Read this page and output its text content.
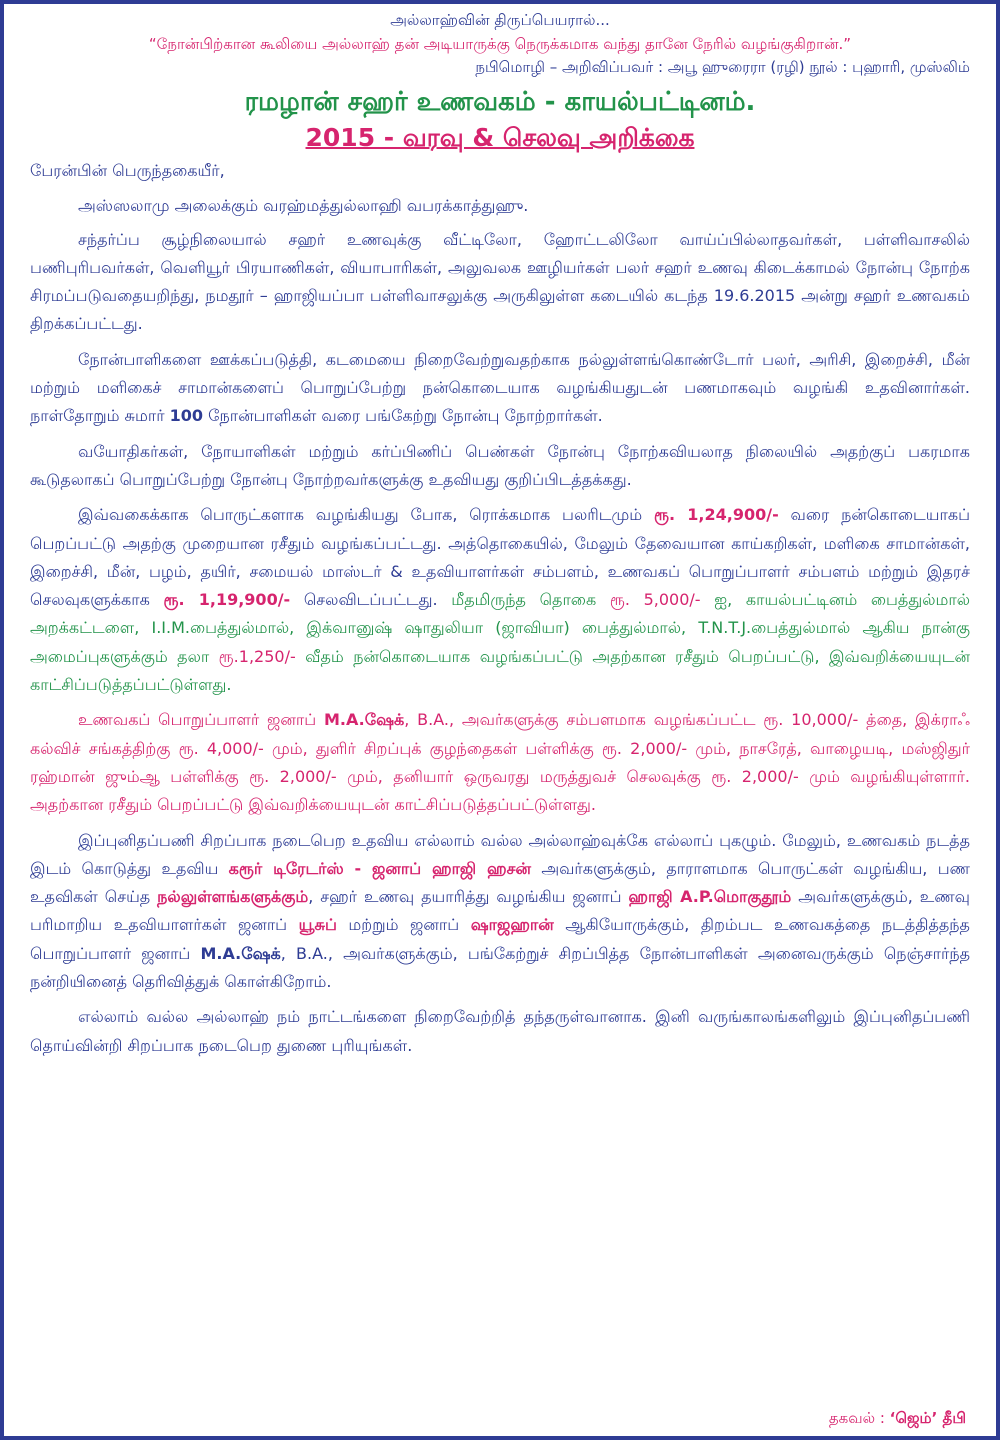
அல்லாஹ்வின் திருப்பெயரால்...

“நோன்பிற்கான கூலியை அல்லாஹ் தன் அடியாருக்கு நெருக்கமாக வந்து தானே நேரில் வழங்குகிறான்.”

நபிமொழி – அறிவிப்பவர் : அபூ ஹுரைரா (ரழி) நூல் : புஹாரி, முஸ்லிம்

ரமழான் சஹர் உணவகம் - காயல்பட்டினம்.

2015 - வரவு & செலவு அறிக்கை

பேரன்பின் பெருந்தகையீர்,

அஸ்ஸலாமு அலைக்கும் வரஹ்மத்துல்லாஹி வபரக்காத்துஹு.

சந்தர்ப்ப சூழ்நிலையால் சஹர் உணவுக்கு வீட்டிலோ, ஹோட்டலிலோ வாய்ப்பில்லாதவர்கள், பள்ளிவாசலில் பணிபுரிபவர்கள், வெளியூர் பிரயாணிகள், வியாபாரிகள், அலுவலக ஊழியர்கள் பலர் சஹர் உணவு கிடைக்காமல் நோன்பு நோற்க சிரமப்படுவதையறிந்து, நமதூர் – ஹாஜியப்பா பள்ளிவாசலுக்கு அருகிலுள்ள கடையில் கடந்த 19.6.2015 அன்று சஹர் உணவகம் திறக்கப்பட்டது.

நோன்பாளிகளை ஊக்கப்படுத்தி, கடமையை நிறைவேற்றுவதற்காக நல்லுள்ளங்கொண்டோர் பலர், அரிசி, இறைச்சி, மீன் மற்றும் மளிகைச் சாமான்களைப் பொறுப்பேற்று நன்கொடையாக வழங்கியதுடன் பணமாகவும் வழங்கி உதவினார்கள். நாள்தோறும் சுமார் 100 நோன்பாளிகள் வரை பங்கேற்று நோன்பு நோற்றார்கள்.

வயோதிகர்கள், நோயாளிகள் மற்றும் கர்ப்பிணிப் பெண்கள் நோன்பு நோற்கவியலாத நிலையில் அதற்குப் பகரமாக கூடுதலாகப் பொறுப்பேற்று நோன்பு நோற்றவர்களுக்கு உதவியது குறிப்பிடத்தக்கது.

இவ்வகைக்காக பொருட்களாக வழங்கியது போக, ரொக்கமாக பலரிடமும் ரூ. 1,24,900/- வரை நன்கொடையாகப் பெறப்பட்டு அதற்கு முறையான ரசீதும் வழங்கப்பட்டது. அத்தொகையில், மேலும் தேவையான காய்கறிகள், மளிகை சாமான்கள், இறைச்சி, மீன், பழம், தயிர், சமையல் மாஸ்டர் & உதவியாளர்கள் சம்பளம், உணவகப் பொறுப்பாளர் சம்பளம் மற்றும் இதரச் செலவுகளுக்காக ரூ. 1,19,900/- செலவிடப்பட்டது. மீதமிருந்த தொகை ரூ. 5,000/- ஐ, காயல்பட்டினம் பைத்துல்மால் அறக்கட்டளை, I.I.M.பைத்துல்மால், இக்வானுஷ் ஷாதுலியா (ஜாவியா) பைத்துல்மால், T.N.T.J.பைத்துல்மால் ஆகிய நான்கு அமைப்புகளுக்கும் தலா ரூ.1,250/- வீதம் நன்கொடையாக வழங்கப்பட்டு அதற்கான ரசீதும் பெறப்பட்டு, இவ்வறிக்யையுடன் காட்சிப்படுத்தப்பட்டுள்ளது.

உணவகப் பொறுப்பாளர் ஜனாப் M.A.ஷேக், B.A., அவர்களுக்கு சம்பளமாக வழங்கப்பட்ட ரூ. 10,000/- த்தை, இக்ராஃ கல்விச் சங்கத்திற்கு ரூ. 4,000/- மும், துளிர் சிறப்புக் குழந்தைகள் பள்ளிக்கு ரூ. 2,000/- மும், நாசரேத், வாழையடி, மஸ்ஜிதுர் ரஹ்மான் ஜும்ஆ பள்ளிக்கு ரூ. 2,000/- மும், தனியார் ஒருவரது மருத்துவச் செலவுக்கு ரூ. 2,000/- மும் வழங்கியுள்ளார். அதற்கான ரசீதும் பெறப்பட்டு இவ்வறிக்யையுடன் காட்சிப்படுத்தப்பட்டுள்ளது.

இப்புனிதப்பணி சிறப்பாக நடைபெற உதவிய எல்லாம் வல்ல அல்லாஹ்வுக்கே எல்லாப் புகழும். மேலும், உணவகம் நடத்த இடம் கொடுத்து உதவிய கரூர் டிரேடர்ஸ் - ஜனாப் ஹாஜி ஹசன் அவர்களுக்கும், தாராளமாக பொருட்கள் வழங்கிய, பண உதவிகள் செய்த நல்லுள்ளங்களுக்கும், சஹர் உணவு தயாரித்து வழங்கிய ஜனாப் ஹாஜி A.P.மொகுதூம் அவர்களுக்கும், உணவு பரிமாறிய உதவியாளர்கள் ஜனாப் யூசுப் மற்றும் ஜனாப் ஷாஜஹான் ஆகியோருக்கும், திறம்பட உணவகத்தை நடத்தித்தந்த பொறுப்பாளர் ஜனாப் M.A.ஷேக், B.A., அவர்களுக்கும், பங்கேற்றுச் சிறப்பித்த நோன்பாளிகள் அனைவருக்கும் நெஞ்சார்ந்த நன்றியினைத் தெரிவித்துக் கொள்கிறோம்.

எல்லாம் வல்ல அல்லாஹ் நம் நாட்டங்களை நிறைவேற்றித் தந்தருள்வானாக. இனி வருங்காலங்களிலும் இப்புனிதப்பணி தொய்வின்றி சிறப்பாக நடைபெற துணை புரியுங்கள்.

தகவல் : ‘ஜெம்’ தீபி
